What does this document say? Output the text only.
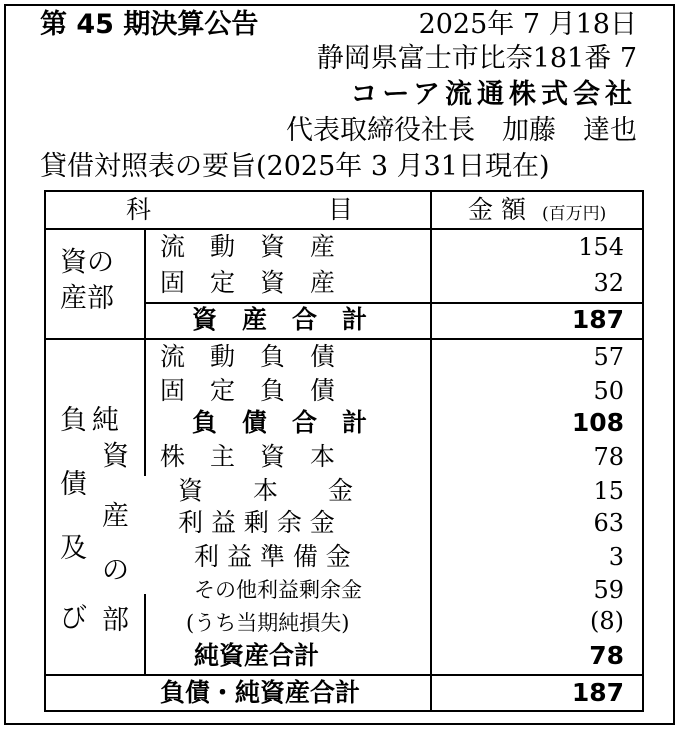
第 45 期決算公告	2025年 7 月18日
静岡県富士市比奈181番 7
コーア流通株式会社
代表取締役社長　加藤　達也
貸借対照表の要旨(2025年 3 月31日現在)
科	目	金 額 (百万円)
資の
産部
負
債
及
び
純
資
産
の
部
流　動　資　産	154
固　定　資　産	32
資　産　合　計	187
流　動　負　債	57
固　定　負　債	50
負　債　合　計	108
株　主　資　本	78
資　　本　　金	15
利 益 剰 余 金	63
利 益 準 備 金	3
その他利益剰余金	59
(うち当期純損失)	(8)
純資産合計	78
負債・純資産合計	187
